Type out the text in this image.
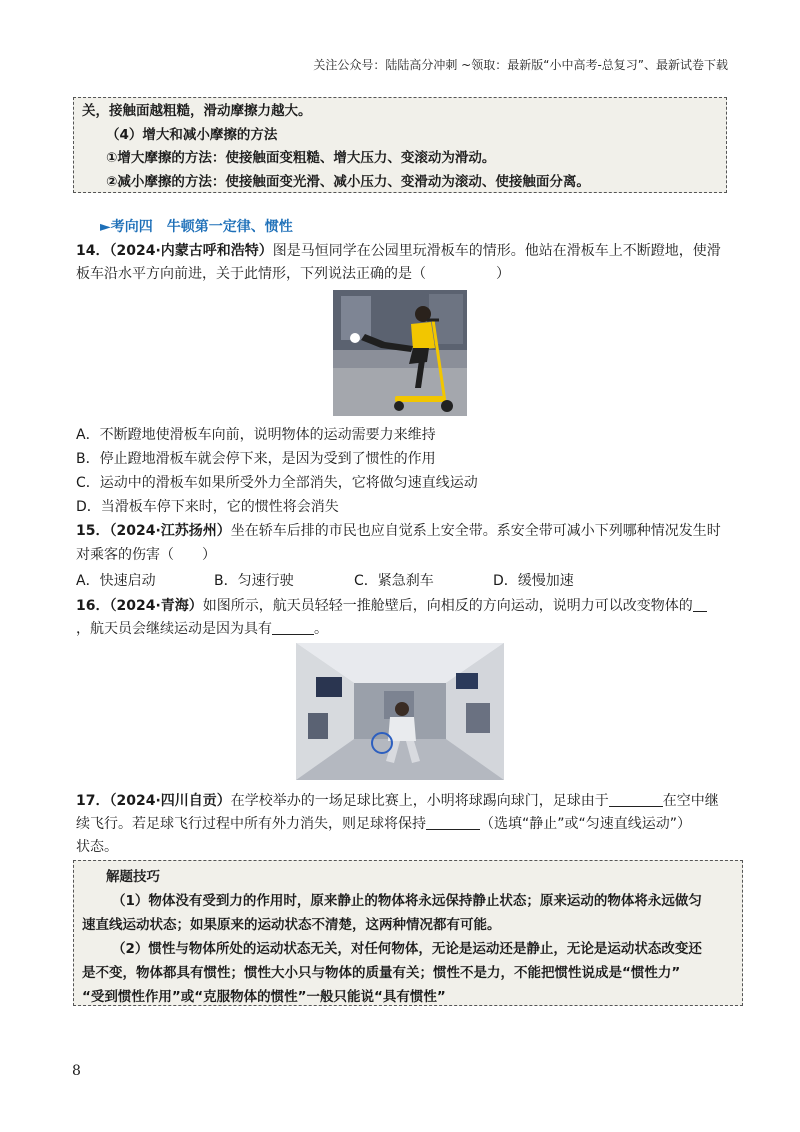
关注公众号：陆陆高分冲刺 ~领取：最新版“小中高考-总复习”、最新试卷下载
关，接触面越粗糙，滑动摩擦力越大。
（4）增大和减小摩擦的方法
①增大摩擦的方法：使接触面变粗糙、增大压力、变滚动为滑动。
②减小摩擦的方法：使接触面变光滑、减小压力、变滑动为滚动、使接触面分离。
►考向四　牛顿第一定律、惯性
14．（2024·内蒙古呼和浩特）图是马恒同学在公园里玩滑板车的情形。他站在滑板车上不断蹬地，使滑
板车沿水平方向前进，关于此情形，下列说法正确的是（　　　　　）
A．不断蹬地使滑板车向前，说明物体的运动需要力来维持
B．停止蹬地滑板车就会停下来，是因为受到了惯性的作用
C．运动中的滑板车如果所受外力全部消失，它将做匀速直线运动
D．当滑板车停下来时，它的惯性将会消失
15．（2024·江苏扬州）坐在轿车后排的市民也应自觉系上安全带。系安全带可减小下列哪种情况发生时
对乘客的伤害（　　）
A．快速启动	B．匀速行驶	C．紧急刹车	D．缓慢加速
16．（2024·青海）如图所示，航天员轻轻一推舱壁后，向相反的方向运动，说明力可以改变物体的
，航天员会继续运动是因为具有	。
17．（2024·四川自贡）在学校举办的一场足球比赛上，小明将球踢向球门，足球由于	在空中继
续飞行。若足球飞行过程中所有外力消失，则足球将保持	（选填“静止”或“匀速直线运动”）
状态。
解题技巧
（1）物体没有受到力的作用时，原来静止的物体将永远保持静止状态；原来运动的物体将永远做匀
速直线运动状态；如果原来的运动状态不清楚，这两种情况都有可能。
（2）惯性与物体所处的运动状态无关，对任何物体，无论是运动还是静止，无论是运动状态改变还
是不变，物体都具有惯性；惯性大小只与物体的质量有关；惯性不是力，不能把惯性说成是“惯性力”
“受到惯性作用”或“克服物体的惯性”一般只能说“具有惯性”
8
